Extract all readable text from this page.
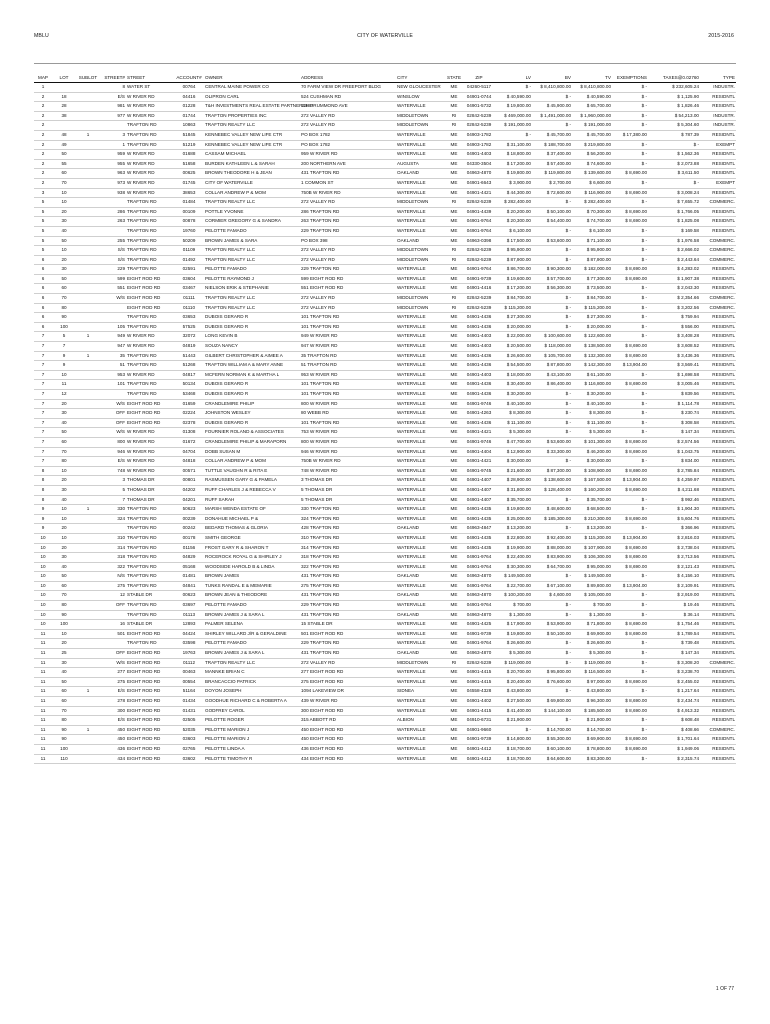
MBLU	CITY OF WATERVILLE	2015-2016
MAP	LOT	SUBLOT	STREET#	STREET	ACCOUNT#	OWNER	ADDRESS	CITY	STATE	ZIP	LV	BV	TV	EXEMPTIONS	TAXES@0.02760	TYPE
1			8	WATER ST	00764	CENTRAL MAINE POWER CO	70 FARM VIEW DR FREEPORT BLDG	NEW GLOUCESTER	ME	04260-5117	$ -	$ 8,410,800.00	$ 8,410,800.00	$ -	$ 232,605.24	INDUSTR.
2	18		E/S	W RIVER RD	04416	OLIPRON CARL	524 CUSHMAN RD	WINSLOW	ME	04901-0744	$ 40,590.00	$ -	$ 40,590.00	$ -	$ 1,125.90	RESIDNTL
2	28		981	W RIVER RD	01228	T&H INVESTMENTS REAL ESTATE PARTNERSHIP	128 DRUMMOND AVE	WATERVILLE	ME	04901-5732	$ 19,800.00	$ 45,900.00	$ 65,700.00	$ -	$ 1,826.46	RESIDNTL
2	38		977	W RIVER RD	01744	TRAFTON PROPERTIES INC	272 VALLEY RD	MIDDLETOWN	RI	02842-5239	$ 469,000.00	$ 1,491,000.00	$ 1,960,000.00	$ -	$ 54,213.00	INDUSTR.
2				TRAFTON RD	10863	TRAFTON REALTY LLC	272 VALLEY RD	MIDDLETOWN	RI	02842-5239	$ 191,000.00	$ -	$ 191,000.00	$ -	$ 5,304.60	INDUSTR.
2	48	1	3	TRAFTON RD	51845	KENNEBEC VALLEY NEW LIFE CTR	PO BOX 1782	WATERVILLE	ME	04903-1782	$ -	$ 45,700.00	$ 45,700.00	$ 17,380.00	$ 787.39	RESIDNTL
2	49		1	TRAFTON RD	51219	KENNEBEC VALLEY NEW LIFE CTR	PO BOX 1782	WATERVILLE	ME	04903-1782	$ 31,100.00	$ 188,700.00	$ 219,800.00	$ -	$ -	EXEMPT
2	50		959	W RIVER RD	01688	CASSAM MICHAEL	959 W RIVER RD	WATERVILLE	ME	04901-4403	$ 18,800.00	$ 37,400.00	$ 56,200.00	$ -	$ 1,562.36	RESIDNTL
2	55		955	W RIVER RD	51658	BURDEN KATHLEEN L & SARAH	200 NORTHERN AVE	AUGUSTA	ME	04330-3504	$ 17,200.00	$ 57,400.00	$ 74,600.00	$ -	$ 2,073.88	RESIDNTL
2	60		963	W RIVER RD	00625	BROWN THEODORE H & JEAN	431 TRAFTON RD	OAKLAND	ME	04963-4870	$ 19,800.00	$ 119,800.00	$ 139,600.00	$ 8,690.00	$ 3,611.50	RESIDNTL
2	70		973	W RIVER RD	01745	CITY OF WATERVILLE	1 COMMON ST	WATERVILLE	ME	04901-6643	$ 3,900.00	$ 2,700.00	$ 6,600.00	$ -	$ -	EXEMPT
3	10		938	W RIVER RD	38653	COLLAR ANDREW P & MOM	750B W RIVER RD	WATERVILLE	ME	04901-4421	$ 44,300.00	$ 72,600.00	$ 116,900.00	$ 8,690.00	$ 3,008.24	RESIDNTL
5	10			TRAFTON RD	01484	TRAFTON REALTY LLC	272 VALLEY RD	MIDDLETOWN	RI	02842-5239	$ 282,400.00	$ -	$ 282,400.00	$ -	$ 7,655.72	COMMERC.
5	20		286	TRAFTON RD	00109	POTTLE YVONNE	286 TRAFTON RD	WATERVILLE	ME	04901-4439	$ 20,200.00	$ 50,100.00	$ 70,300.00	$ 8,690.00	$ 1,766.05	RESIDNTL
5	30		263	TRAFTON RD	00878	CORMIER GREGORY G & SANDRA	263 TRAFTON RD	WATERVILLE	ME	04901-9764	$ 20,300.00	$ 54,400.00	$ 74,700.00	$ 8,690.00	$ 1,825.08	RESIDNTL
5	40			TRAFTON RD	19760	PELOTTE FAMADO	229 TRAFTON RD	WATERVILLE	ME	04901-9764	$ 6,100.00	$ -	$ 6,100.00	$ -	$ 169.58	RESIDNTL
5	50		255	TRAFTON RD	50209	BROWN JAMES & SARA	PO BOX 398	OAKLAND	ME	04963-0398	$ 17,500.00	$ 53,600.00	$ 71,100.00	$ -	$ 1,976.58	COMMERC.
5	10		S/S	TRAFTON RD	01109	TRAFTON REALTY LLC	272 VALLEY RD	MIDDLETOWN	RI	02842-5239	$ 95,900.00	$ -	$ 95,900.00	$ -	$ 2,666.02	COMMERC.
6	20		S/S	TRAFTON RD	01492	TRAFTON REALTY LLC	272 VALLEY RD	MIDDLETOWN	RI	02842-5239	$ 87,900.00	$ -	$ 87,900.00	$ -	$ 2,443.64	COMMERC.
6	30		229	TRAFTON RD	02591	PELOTTE FAMADO	229 TRAFTON RD	WATERVILLE	ME	04901-9764	$ 86,700.00	$ 90,300.00	$ 182,000.00	$ 8,690.00	$ 4,283.02	RESIDNTL
6	50		599	EIGHT ROD RD	03604	PELOTTE RAYMOND J	599 EIGHT ROD RD	WATERVILLE	ME	04901-9739	$ 19,600.00	$ 57,700.00	$ 77,300.00	$ 8,690.00	$ 1,907.38	RESIDNTL
6	60		551	EIGHT ROD RD	03467	NIELSON ERIK & STEPHANIE	551 EIGHT ROD RD	WATERVILLE	ME	04901-4416	$ 17,200.00	$ 56,300.00	$ 73,500.00	$ -	$ 2,043.30	RESIDNTL
6	70		W/S	EIGHT ROD RD	01111	TRAFTON REALTY LLC	272 VALLEY RD	MIDDLETOWN	RI	02842-5239	$ 84,700.00	$ -	$ 84,700.00	$ -	$ 2,354.66	COMMERC.
6	80			EIGHT ROD RD	01110	TRAFTON REALTY LLC	272 VALLEY RD	MIDDLETOWN	RI	02842-5239	$ 115,200.00	$ -	$ 115,200.00	$ -	$ 3,202.56	COMMERC.
6	90			TRAFTON RD	03653	DUBOIS GERARD R	101 TRAFTON RD	WATERVILLE	ME	04901-4436	$ 27,300.00	$ -	$ 27,300.00	$ -	$ 759.94	RESIDNTL
6	100		105	TRAFTON RD	57525	DUBOIS GERARD R	101 TRAFTON RD	WATERVILLE	ME	04901-4436	$ 20,000.00	$ -	$ 20,000.00	$ -	$ 556.00	RESIDNTL
7	5	1	949	W RIVER RD	32072	LONG KEVIN B	949 W RIVER RD	WATERVILLE	ME	04901-4403	$ 22,000.00	$ 100,600.00	$ 122,600.00	$ -	$ 3,408.28	RESIDNTL
7	7		947	W RIVER RD	04819	SOUZA NANCY	947 W RIVER RD	WATERVILLE	ME	04901-4403	$ 20,500.00	$ 118,000.00	$ 138,500.00	$ 8,690.00	$ 3,608.52	RESIDNTL
7	9	1	35	TRAFTON RD	51443	GILBERT CHRISTOPHER & AIMEE A	35 TRAFTON RD	WATERVILLE	ME	04901-4436	$ 26,600.00	$ 105,700.00	$ 132,300.00	$ 8,690.00	$ 3,436.36	RESIDNTL
7	9		51	TRAFTON RD	51268	TRAFTON WILLIAM A & MARY ANNE	51 TRAFTON RD	WATERVILLE	ME	04901-4436	$ 54,500.00	$ 87,800.00	$ 142,300.00	$ 13,904.00	$ 3,569.41	RESIDNTL
7	10		953	W RIVER RD	04817	MCFERN NORMAN K & MARTHA L	953 W RIVER RD	WATERVILLE	ME	04901-4403	$ 18,000.00	$ 43,100.00	$ 61,100.00	$ -	$ 1,698.58	RESIDNTL
7	11		101	TRAFTON RD	50134	DUBOIS GERARD R	101 TRAFTON RD	WATERVILLE	ME	04901-4436	$ 30,400.00	$ 86,400.00	$ 116,800.00	$ 8,690.00	$ 3,005.46	RESIDNTL
7	12			TRAFTON RD	53468	DUBOIS GERARD R	101 TRAFTON RD	WATERVILLE	ME	04901-4436	$ 30,200.00	$ -	$ 30,200.00	$ -	$ 839.56	RESIDNTL
7	20		W/S	EIGHT ROD RD	01659	CRANDLEMIRE PHILIP	800 W RIVER RD	WATERVILLE	ME	04901-9746	$ 40,100.00	$ -	$ 40,100.00	$ -	$ 1,114.78	RESIDNTL
7	30		OFF	EIGHT ROD RD	02224	JOHNSTON WESLEY	80 WEBB RD	WATERVILLE	ME	04901-4263	$ 8,300.00	$ -	$ 8,300.00	$ -	$ 230.74	RESIDNTL
7	40		OFF	EIGHT ROD RD	02378	DUBOIS GERARD R	101 TRAFTON RD	WATERVILLE	ME	04901-4436	$ 11,100.00	$ -	$ 11,100.00	$ -	$ 308.58	RESIDNTL
7	50		W/S	W RIVER RD	01308	FOURNIER ROLAND & ASSOCIATES	753 W RIVER RD	WATERVILLE	ME	04901-4421	$ 5,300.00	$ -	$ 5,300.00	$ -	$ 147.34	RESIDNTL
7	60		800	W RIVER RD	01672	CRANDLEMIRE PHILIP & MARAPORN	800 W RIVER RD	WATERVILLE	ME	04901-9746	$ 47,700.00	$ 53,600.00	$ 101,300.00	$ 8,690.00	$ 2,574.56	RESIDNTL
7	70		946	W RIVER RD	04704	DOBB SUSAN M	946 W RIVER RD	WATERVILLE	ME	04901-4404	$ 12,900.00	$ 33,300.00	$ 46,200.00	$ 8,690.00	$ 1,043.75	RESIDNTL
7	80		E/S	W RIVER RD	04818	COLLAR ANDREW P & MOM	750B W RIVER RD	WATERVILLE	ME	04901-4421	$ 30,000.00	$ -	$ 30,000.00	$ -	$ 834.00	RESIDNTL
8	10		748	W RIVER RD	00571	TUTTLE VAUGHN R & RITA E	748 W RIVER RD	WATERVILLE	ME	04901-9745	$ 21,600.00	$ 87,300.00	$ 108,900.00	$ 8,690.00	$ 2,785.84	RESIDNTL
8	20		3	THOMAS DR	00801	RASMUSSEN GARY G & PAMELA	3 THOMAS DR	WATERVILLE	ME	04901-4407	$ 28,900.00	$ 138,600.00	$ 167,500.00	$ 13,904.00	$ 4,259.97	RESIDNTL
8	30		5	THOMAS DR	04202	RUFF CHARLES J & REBECCA V	5 THOMAS DR	WATERVILLE	ME	04901-4407	$ 31,800.00	$ 128,400.00	$ 160,200.00	$ 8,690.00	$ 4,211.68	RESIDNTL
8	40		7	THOMAS DR	04201	RUFF SARAH	5 THOMAS DR	WATERVILLE	ME	04901-4407	$ 35,700.00	$ -	$ 35,700.00	$ -	$ 992.46	RESIDNTL
9	10	1	330	TRAFTON RD	50623	MARSH WENDA ESTATE OF	330 TRAFTON RD	WATERVILLE	ME	04901-4435	$ 19,800.00	$ 48,600.00	$ 68,500.00	$ -	$ 1,904.30	RESIDNTL
9	10		324	TRAFTON RD	00239	DONAHUE MICHAEL P &	324 TRAFTON RD	WATERVILLE	ME	04901-4435	$ 25,000.00	$ 185,300.00	$ 210,300.00	$ 8,690.00	$ 5,604.76	RESIDNTL
9	20			TRAFTON RD	00242	BEDARD THOMAS & GLORIA	428 TRAFTON RD	OAKLAND	ME	04963-4847	$ 13,200.00	$ -	$ 13,200.00	$ -	$ 366.96	RESIDNTL
10	10		310	TRAFTON RD	00178	SMITH GEORGE	310 TRAFTON RD	WATERVILLE	ME	04901-4435	$ 22,800.00	$ 92,400.00	$ 115,200.00	$ 13,904.00	$ 2,816.03	RESIDNTL
10	20		314	TRAFTON RD	01156	FROST GARY R & SHARON T	314 TRAFTON RD	WATERVILLE	ME	04901-4435	$ 19,900.00	$ 88,000.00	$ 107,900.00	$ 8,690.00	$ 2,738.04	RESIDNTL
10	30		318	TRAFTON RD	04829	ROCEROCK ROYAL G & SHIRLEY J	318 TRAFTON RD	WATERVILLE	ME	04901-9764	$ 22,400.00	$ 83,900.00	$ 106,300.00	$ 8,690.00	$ 2,713.56	RESIDNTL
10	40		322	TRAFTON RD	05168	WOODSIDE HAROLD B & LINDA	322 TRAFTON RD	WATERVILLE	ME	04901-9764	$ 30,300.00	$ 64,700.00	$ 95,000.00	$ 8,690.00	$ 2,121.43	RESIDNTL
10	50		N/S	TRAFTON RD	01481	BROWN JAMES	431 TRAFTON RD	OAKLAND	ME	04963-4870	$ 149,500.00	$ -	$ 149,500.00	$ -	$ 4,156.10	RESIDNTL
10	60		275	TRAFTON RD	04841	TUNKS RANDAL E & MEMARIE	275 TRAFTON RD	WATERVILLE	ME	04901-9764	$ 22,700.00	$ 67,100.00	$ 89,800.00	$ 13,904.00	$ 2,109.91	RESIDNTL
10	70		12	STABLE DR	00623	BROWN JEAN & THEODORE	431 TRAFTON RD	OAKLAND	ME	04963-4870	$ 100,200.00	$ 4,600.00	$ 105,000.00	$ -	$ 2,919.00	RESIDNTL
10	80		OFF	TRAFTON RD	03697	PELOTTE FAMADO	229 TRAFTON RD	WATERVILLE	ME	04901-9764	$ 700.00	$ -	$ 700.00	$ -	$ 19.46	RESIDNTL
10	90			TRAFTON RD	01113	BROWN JAMES J & SARA L	431 TRAFTON RD	OAKLAND	ME	04963-4870	$ 1,300.00	$ -	$ 1,300.00	$ -	$ 36.14	RESIDNTL
10	100		16	STABLE DR	12893	PALMER SELENA	15 STABLE DR	WATERVILLE	ME	04901-4425	$ 17,900.00	$ 53,900.00	$ 71,800.00	$ 8,690.00	$ 1,754.46	RESIDNTL
11	10		501	EIGHT ROD RD	04424	SHIRLEY WILLARD J/R & GERALDINE	501 EIGHT ROD RD	WATERVILLE	ME	04901-9739	$ 19,800.00	$ 50,100.00	$ 69,900.00	$ 8,690.00	$ 1,789.54	RESIDNTL
11	20			TRAFTON RD	03598	PELOTTE FAMADO	229 TRAFTON RD	WATERVILLE	ME	04901-9764	$ 26,600.00	$ -	$ 26,600.00	$ -	$ 739.48	RESIDNTL
11	25		OFF	EIGHT ROD RD	19763	BROWN JAMES J & SARA L	431 TRAFTON RD	OAKLAND	ME	04963-4870	$ 5,300.00	$ -	$ 5,300.00	$ -	$ 147.34	RESIDNTL
11	30		W/S	EIGHT ROD RD	01112	TRAFTON REALTY LLC	272 VALLEY RD	MIDDLETOWN	RI	02842-5239	$ 119,000.00	$ -	$ 119,000.00	$ -	$ 3,308.20	COMMERC.
11	40		277	EIGHT ROD RD	00463	MANNKE BRIAN C	277 EIGHT ROD RD	WATERVILLE	ME	04901-4415	$ 20,700.00	$ 95,800.00	$ 116,500.00	$ -	$ 3,238.70	RESIDNTL
11	50		275	EIGHT ROD RD	00554	BRANCACCIO PATRICK	275 EIGHT ROD RD	WATERVILLE	ME	04901-4415	$ 20,400.00	$ 76,600.00	$ 97,000.00	$ 8,690.00	$ 2,455.02	RESIDNTL
11	60	1	E/S	EIGHT ROD RD	51164	DOYON JOSEPH	1094 LAKEVIEW DR	SIDNEA	ME	04558-4328	$ 43,800.00	$ -	$ 43,800.00	$ -	$ 1,217.64	RESIDNTL
11	60		278	EIGHT ROD RD	01434	GOODHUE RICHARD C & ROBERTA A	439 W RIVER RD	WATERVILLE	ME	04901-4402	$ 27,500.00	$ 69,800.00	$ 96,300.00	$ 8,690.00	$ 2,434.74	RESIDNTL
11	70		300	EIGHT ROD RD	01431	GODFREY CAROL	300 EIGHT ROD RD	WATERVILLE	ME	04901-4415	$ 41,400.00	$ 144,100.00	$ 185,500.00	$ 8,690.00	$ 4,913.32	RESIDNTL
11	80		E/S	EIGHT ROD RD	02505	PELOTTE ROGER	315 ABBOTT RD	ALBION	ME	04910-6731	$ 21,900.00	$ -	$ 21,900.00	$ -	$ 608.48	RESIDNTL
11	90	1	450	EIGHT ROD RD	52035	PELOTTE MARION J	450 EIGHT ROD RD	WATERVILLE	ME	04901-9660	$ -	$ 14,700.00	$ 14,700.00	$ -	$ 408.66	COMMERC.
11	90		450	EIGHT ROD RD	03603	PELOTTE MARION J	450 EIGHT ROD RD	WATERVILLE	ME	04901-9739	$ 14,800.00	$ 55,300.00	$ 69,900.00	$ 8,690.00	$ 1,701.64	RESIDNTL
11	100		436	EIGHT ROD RD	02765	PELOTTE LINDA A	436 EIGHT ROD RD	WATERVILLE	ME	04901-4412	$ 18,700.00	$ 60,100.00	$ 78,800.00	$ 8,690.00	$ 1,949.06	RESIDNTL
11	110		434	EIGHT ROD RD	03602	PELOTTE TIMOTHY R	434 EIGHT ROD RD	WATERVILLE	ME	04901-4412	$ 18,700.00	$ 64,600.00	$ 83,300.00	$ -	$ 2,315.74	RESIDNTL
1 OF 77
